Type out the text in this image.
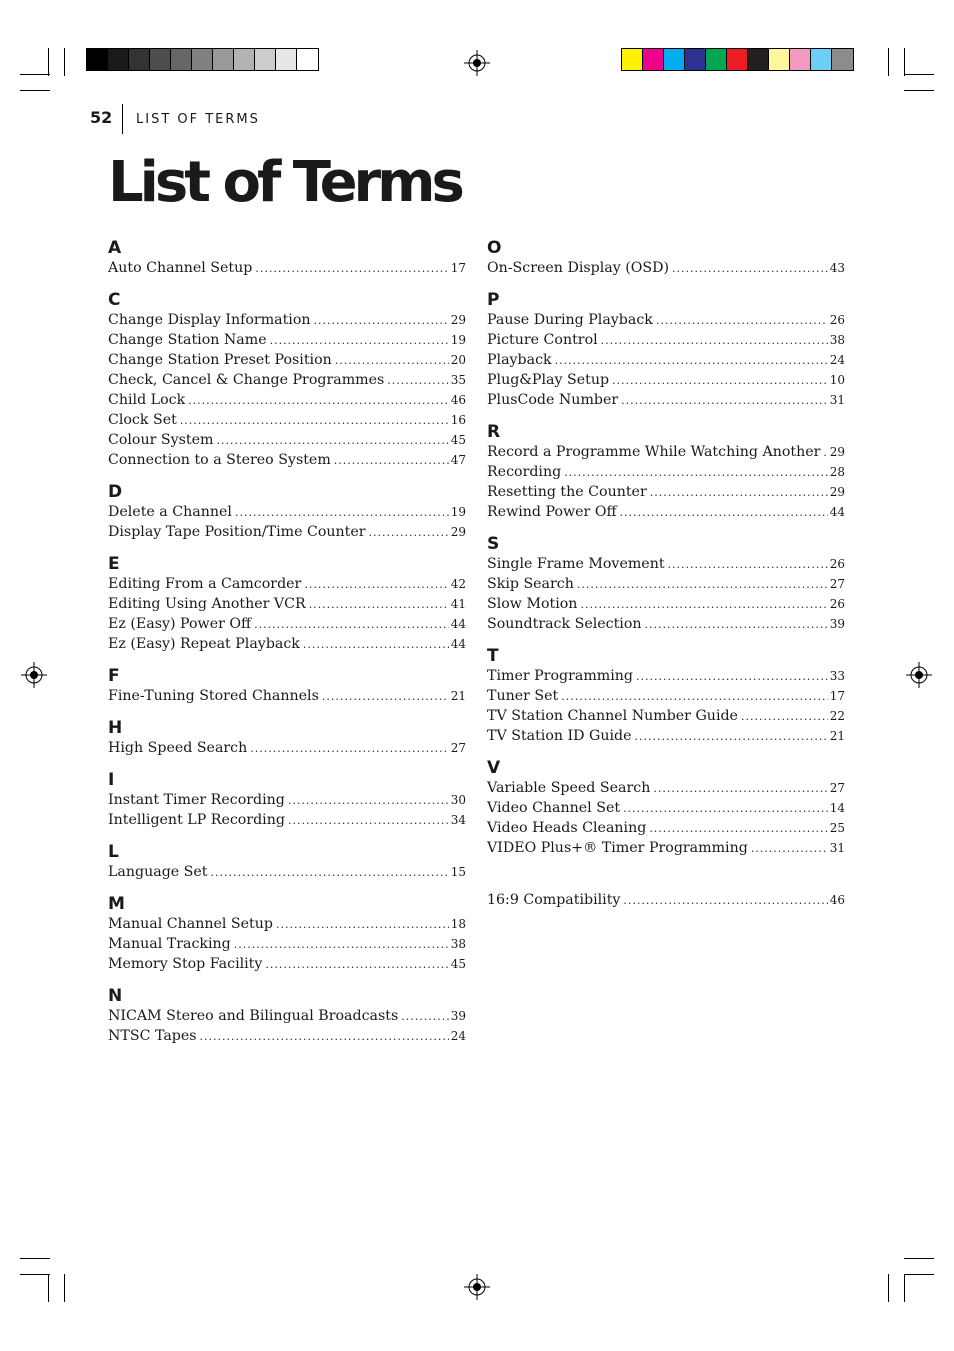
52 LIST OF TERMS
List of Terms
A
Auto Channel Setup .....	17
C
Change Display Information .....	29
Change Station Name .....	19
Change Station Preset Position .....	20
Check, Cancel & Change Programmes .....	35
Child Lock .....	46
Clock Set .....	16
Colour System .....	45
Connection to a Stereo System .....	47
D
Delete a Channel .....	19
Display Tape Position/Time Counter .....	29
E
Editing From a Camcorder .....	42
Editing Using Another VCR .....	41
Ez (Easy) Power Off .....	44
Ez (Easy) Repeat Playback .....	44
F
Fine-Tuning Stored Channels .....	21
H
High Speed Search .....	27
I
Instant Timer Recording .....	30
Intelligent LP Recording .....	34
L
Language Set .....	15
M
Manual Channel Setup .....	18
Manual Tracking .....	38
Memory Stop Facility .....	45
N
NICAM Stereo and Bilingual Broadcasts .....	39
NTSC Tapes .....	24
O
On-Screen Display (OSD) .....	43
P
Pause During Playback .....	26
Picture Control .....	38
Playback .....	24
Plug&Play Setup .....	10
PlusCode Number .....	31
R
Record a Programme While Watching Another ..... 29
Recording .....	28
Resetting the Counter .....	29
Rewind Power Off .....	44
S
Single Frame Movement .....	26
Skip Search .....	27
Slow Motion .....	26
Soundtrack Selection .....	39
T
Timer Programming .....	33
Tuner Set .....	17
TV Station Channel Number Guide .....	22
TV Station ID Guide .....	21
V
Variable Speed Search .....	27
Video Channel Set .....	14
Video Heads Cleaning .....	25
VIDEO Plus+® Timer Programming .....	31
16:9 Compatibility .....	46
